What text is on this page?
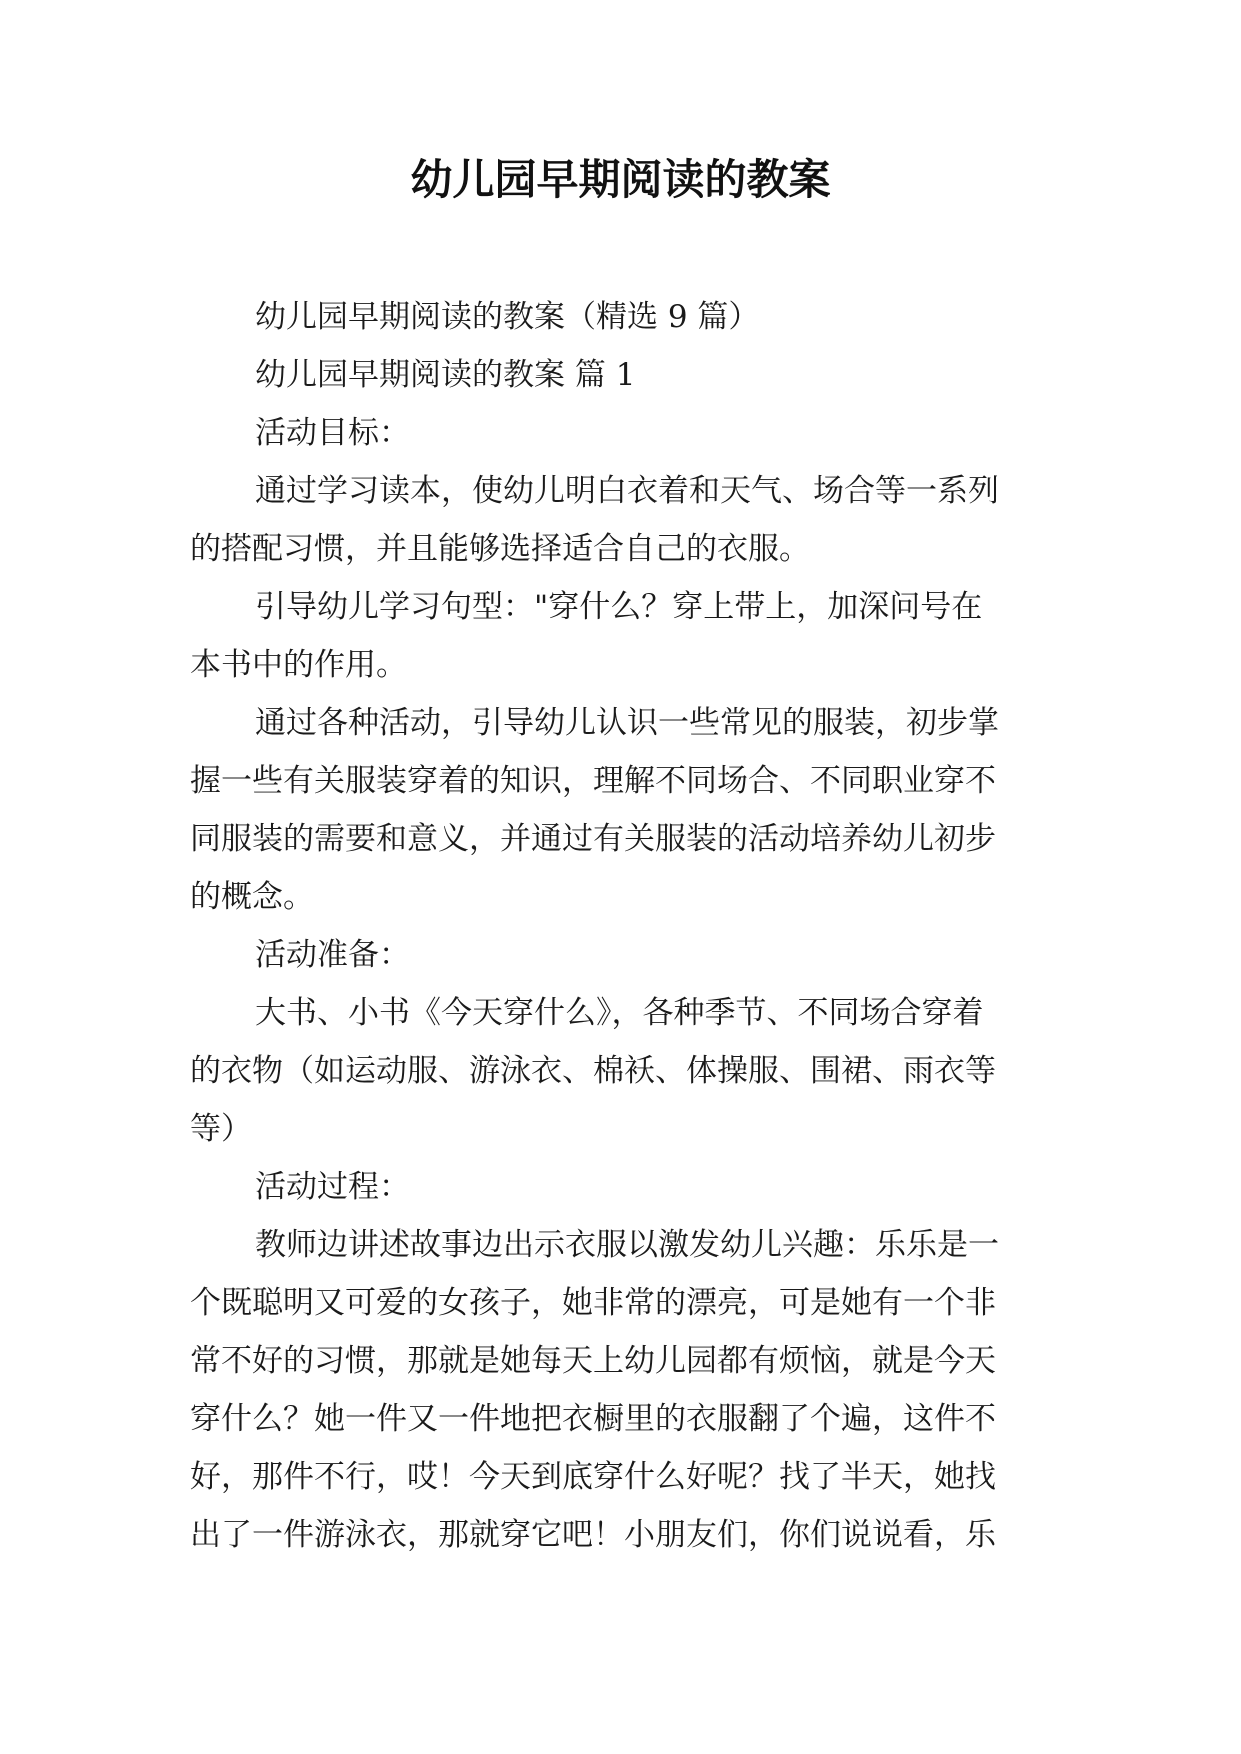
幼儿园早期阅读的教案
幼儿园早期阅读的教案（精选 9 篇）
幼儿园早期阅读的教案 篇 1
活动目标：
通过学习读本，使幼儿明白衣着和天气、场合等一系列
的搭配习惯，并且能够选择适合自己的衣服。
引导幼儿学习句型："穿什么？穿上带上，加深问号在
本书中的作用。
通过各种活动，引导幼儿认识一些常见的服装，初步掌
握一些有关服装穿着的知识，理解不同场合、不同职业穿不
同服装的需要和意义，并通过有关服装的活动培养幼儿初步
的概念。
活动准备：
大书、小书《今天穿什么》，各种季节、不同场合穿着
的衣物（如运动服、游泳衣、棉袄、体操服、围裙、雨衣等
等）
活动过程：
教师边讲述故事边出示衣服以激发幼儿兴趣：乐乐是一
个既聪明又可爱的女孩子，她非常的漂亮，可是她有一个非
常不好的习惯，那就是她每天上幼儿园都有烦恼，就是今天
穿什么？她一件又一件地把衣橱里的衣服翻了个遍，这件不
好，那件不行，哎！今天到底穿什么好呢？找了半天，她找
出了一件游泳衣，那就穿它吧！小朋友们，你们说说看，乐
